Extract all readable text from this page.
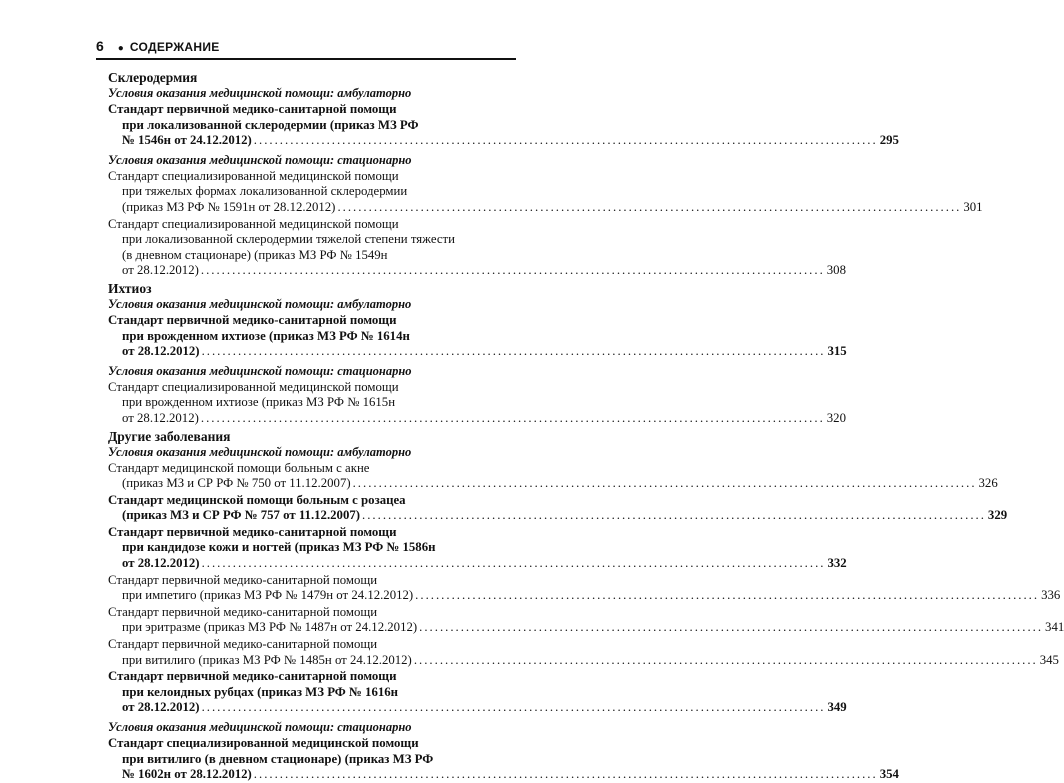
6 ● СОДЕРЖАНИЕ
Склеродермия
Условия оказания медицинской помощи: амбулаторно
Стандарт первичной медико-санитарной помощи
при локализованной склеродермии (приказ МЗ РФ
№ 1546н от 24.12.2012) ........................................................................................................................ 295
Условия оказания медицинской помощи: стационарно
Стандарт специализированной медицинской помощи
при тяжелых формах локализованной склеродермии
(приказ МЗ РФ № 1591н от 28.12.2012) ........................................................................................................................ 301
Стандарт специализированной медицинской помощи
при локализованной склеродермии тяжелой степени тяжести
(в дневном стационаре) (приказ МЗ РФ № 1549н
от 28.12.2012) ........................................................................................................................ 308
Ихтиоз
Условия оказания медицинской помощи: амбулаторно
Стандарт первичной медико-санитарной помощи
при врожденном ихтиозе (приказ МЗ РФ № 1614н
от 28.12.2012) ........................................................................................................................ 315
Условия оказания медицинской помощи: стационарно
Стандарт специализированной медицинской помощи
при врожденном ихтиозе (приказ МЗ РФ № 1615н
от 28.12.2012) ........................................................................................................................ 320
Другие заболевания
Условия оказания медицинской помощи: амбулаторно
Стандарт медицинской помощи больным с акне
(приказ МЗ и СР РФ № 750 от 11.12.2007) ........................................................................................................................ 326
Стандарт медицинской помощи больным с розацеа
(приказ МЗ и СР РФ № 757 от 11.12.2007) ........................................................................................................................ 329
Стандарт первичной медико-санитарной помощи
при кандидозе кожи и ногтей (приказ МЗ РФ № 1586н
от 28.12.2012) ........................................................................................................................ 332
Стандарт первичной медико-санитарной помощи
при импетиго (приказ МЗ РФ № 1479н от 24.12.2012) ........................................................................................................................ 336
Стандарт первичной медико-санитарной помощи
при эритразме (приказ МЗ РФ № 1487н от 24.12.2012) ........................................................................................................................ 341
Стандарт первичной медико-санитарной помощи
при витилиго (приказ МЗ РФ № 1485н от 24.12.2012) ........................................................................................................................ 345
Стандарт первичной медико-санитарной помощи
при келоидных рубцах (приказ МЗ РФ № 1616н
от 28.12.2012) ........................................................................................................................ 349
Условия оказания медицинской помощи: стационарно
Стандарт специализированной медицинской помощи
при витилиго (в дневном стационаре) (приказ МЗ РФ
№ 1602н от 28.12.2012) ........................................................................................................................ 354
